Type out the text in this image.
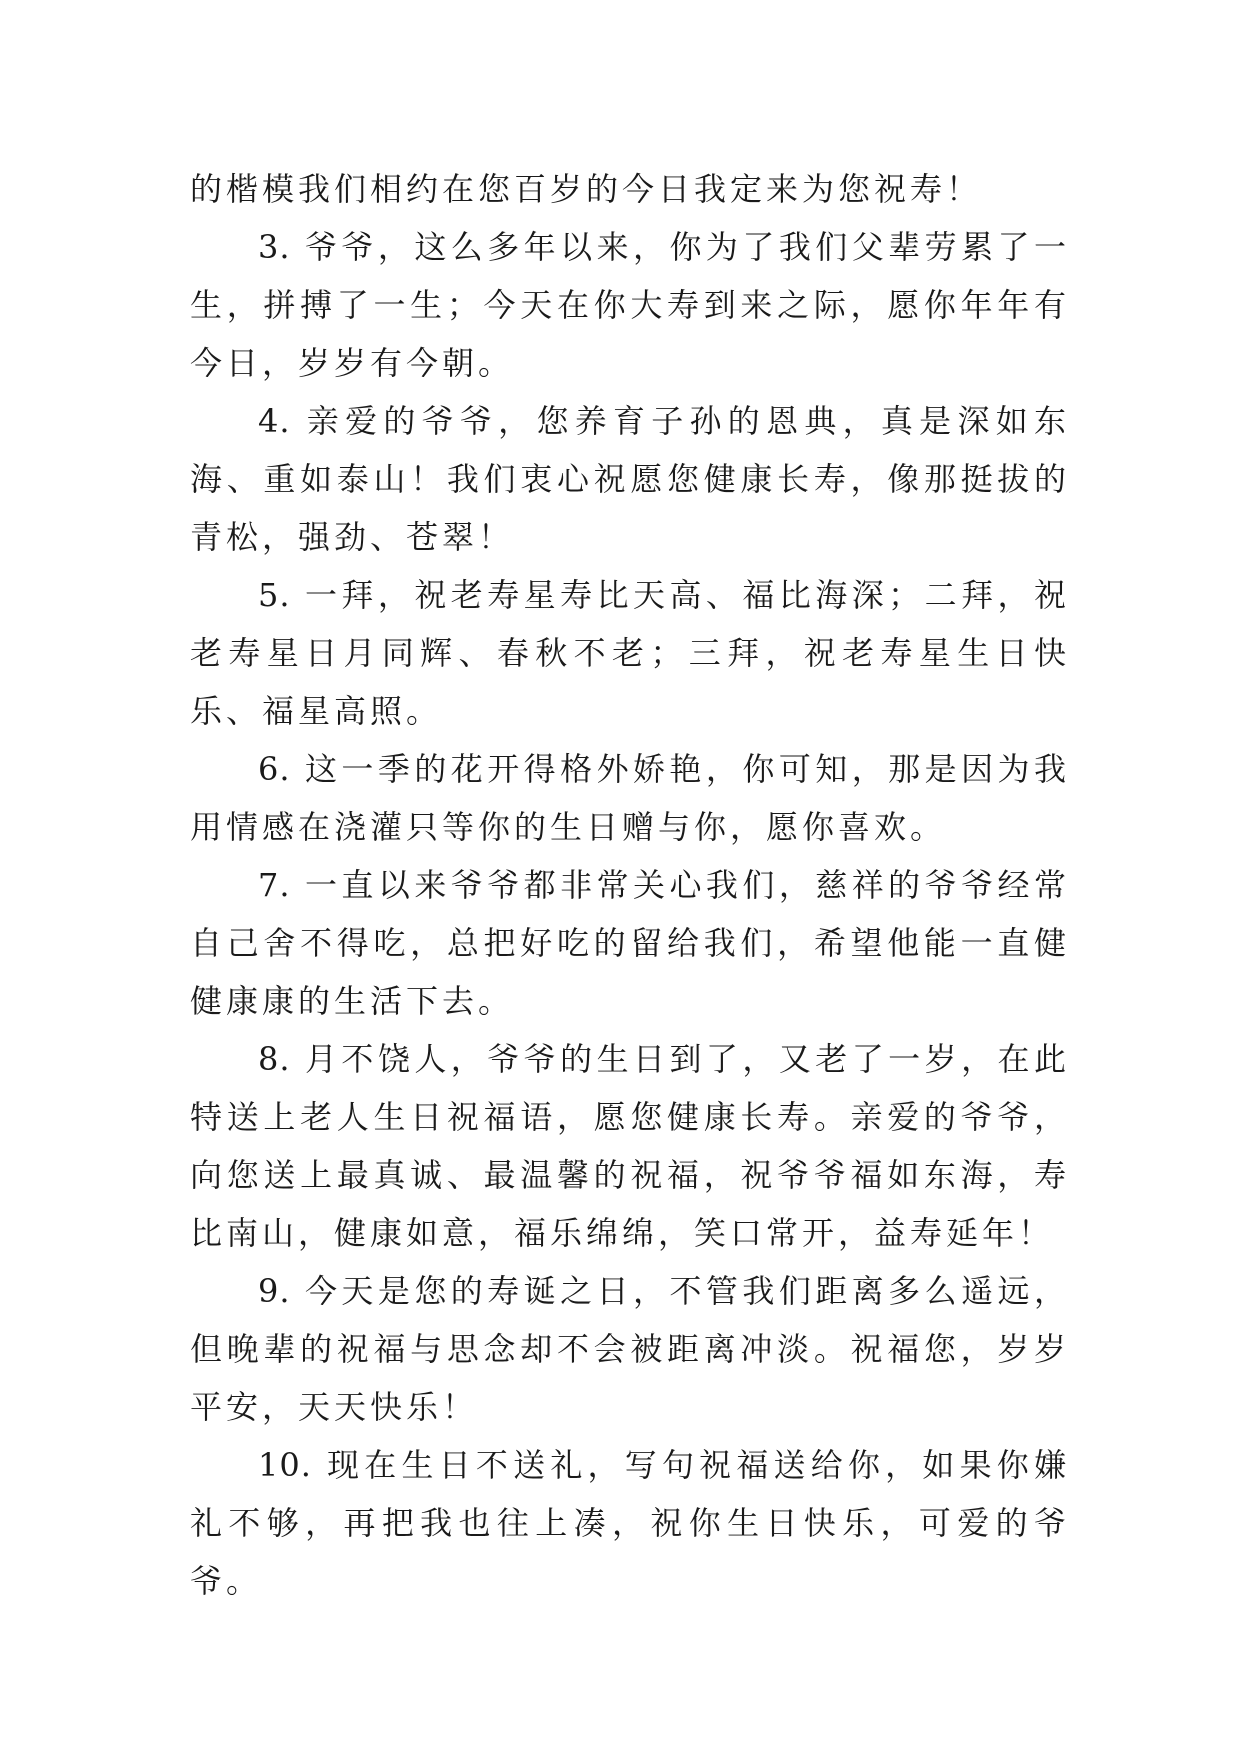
的楷模我们相约在您百岁的今日我定来为您祝寿！

3. 爷爷，这么多年以来，你为了我们父辈劳累了一生，拼搏了一生；今天在你大寿到来之际，愿你年年有今日，岁岁有今朝。

4. 亲爱的爷爷，您养育子孙的恩典，真是深如东海、重如泰山！我们衷心祝愿您健康长寿，像那挺拔的青松，强劲、苍翠！

5. 一拜，祝老寿星寿比天高、福比海深；二拜，祝老寿星日月同辉、春秋不老；三拜，祝老寿星生日快乐、福星高照。

6. 这一季的花开得格外娇艳，你可知，那是因为我用情感在浇灌只等你的生日赠与你，愿你喜欢。

7. 一直以来爷爷都非常关心我们，慈祥的爷爷经常自己舍不得吃，总把好吃的留给我们，希望他能一直健健康康的生活下去。

8. 月不饶人，爷爷的生日到了，又老了一岁，在此特送上老人生日祝福语，愿您健康长寿。亲爱的爷爷，向您送上最真诚、最温馨的祝福，祝爷爷福如东海，寿比南山，健康如意，福乐绵绵，笑口常开，益寿延年！

9. 今天是您的寿诞之日，不管我们距离多么遥远，但晚辈的祝福与思念却不会被距离冲淡。祝福您，岁岁平安，天天快乐！

10. 现在生日不送礼，写句祝福送给你，如果你嫌礼不够，再把我也往上凑，祝你生日快乐，可爱的爷爷。
